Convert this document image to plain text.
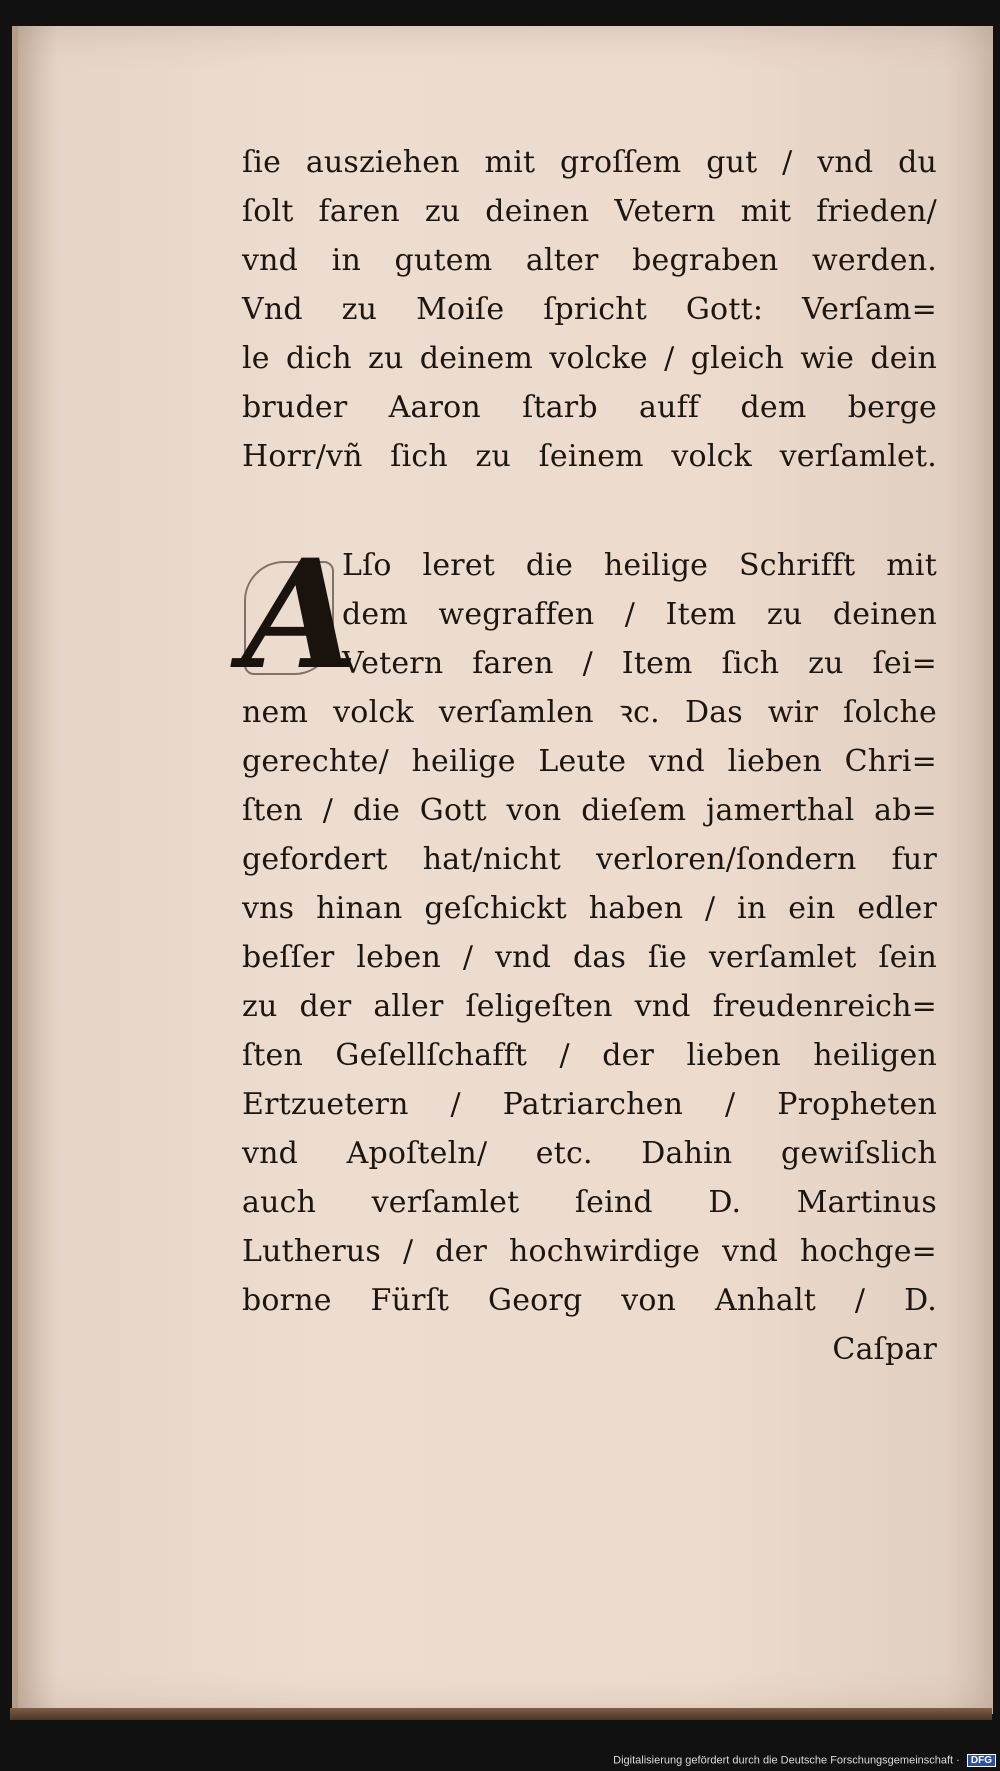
ſie ausziehen mit groſſem gut / vnd du
ſolt faren zu deinen Vetern mit frieden/
vnd in gutem alter begraben werden.
Vnd zu Moiſe ſpricht Gott: Verſam=
le dich zu deinem volcke / gleich wie dein
bruder Aaron ſtarb auff dem berge
Horr/vñ ſich zu ſeinem volck verſamlet.
A
Lſo leret die heilige Schrifft mit
dem wegraffen / Item zu deinen
Vetern faren / Item ſich zu ſei=
nem volck verſamlen ꝛc. Das wir ſolche
gerechte/ heilige Leute vnd lieben Chri=
ſten / die Gott von dieſem jamerthal ab=
gefordert hat/nicht verloren/ſondern fur
vns hinan geſchickt haben / in ein edler
beſſer leben / vnd das ſie verſamlet ſein
zu der aller ſeligeſten vnd freudenreich=
ſten Geſellſchafft / der lieben heiligen
Ertzuetern / Patriarchen / Propheten
vnd Apoſteln/ etc. Dahin gewiſslich
auch verſamlet ſeind D. Martinus
Lutherus / der hochwirdige vnd hochge=
borne Fürſt Georg von Anhalt / D.
Caſpar
Digitalisierung gefördert durch die Deutsche Forschungsgemeinschaft · DFG
